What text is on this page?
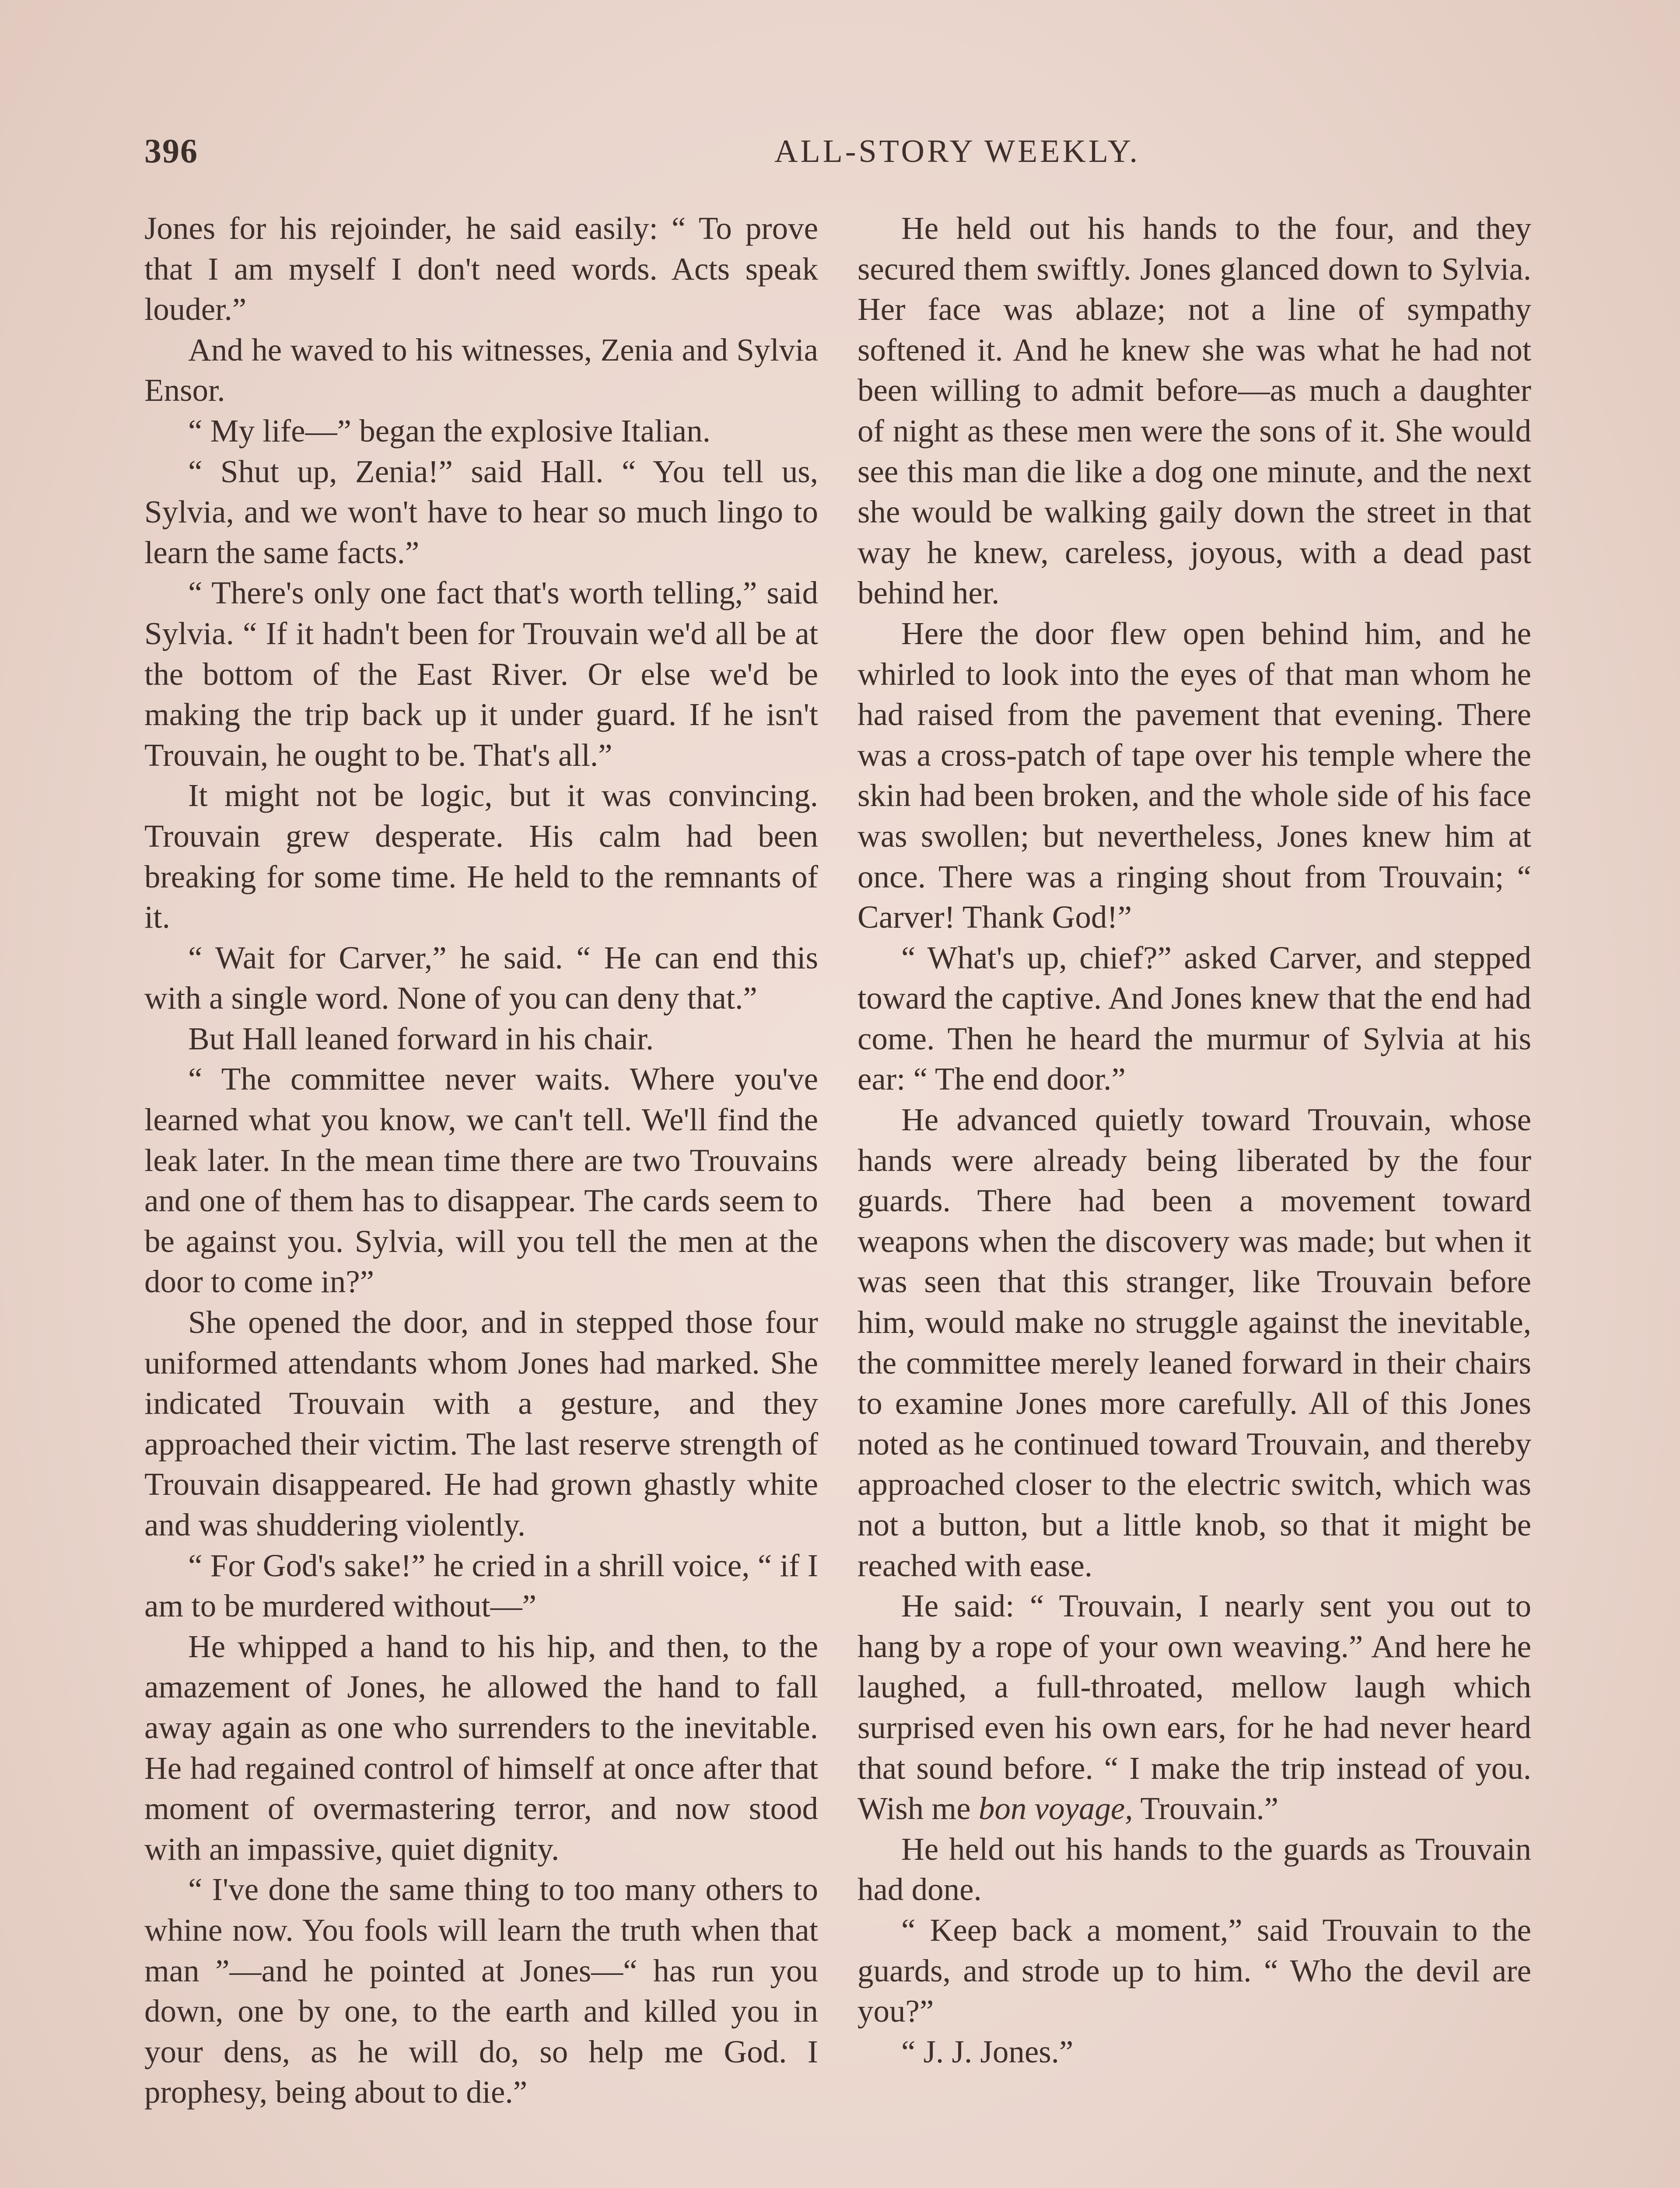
396	ALL-STORY WEEKLY.

Jones for his rejoinder, he said easily: “ To prove that I am myself I don't need words. Acts speak louder.”

And he waved to his witnesses, Zenia and Sylvia Ensor.

“ My life—” began the explosive Italian.

“ Shut up, Zenia!” said Hall. “ You tell us, Sylvia, and we won't have to hear so much lingo to learn the same facts.”

“ There's only one fact that's worth telling,” said Sylvia. “ If it hadn't been for Trouvain we'd all be at the bottom of the East River. Or else we'd be making the trip back up it under guard. If he isn't Trouvain, he ought to be. That's all.”

It might not be logic, but it was convincing. Trouvain grew desperate. His calm had been breaking for some time. He held to the remnants of it.

“ Wait for Carver,” he said. “ He can end this with a single word. None of you can deny that.”

But Hall leaned forward in his chair.

“ The committee never waits. Where you've learned what you know, we can't tell. We'll find the leak later. In the mean time there are two Trouvains and one of them has to disappear. The cards seem to be against you. Sylvia, will you tell the men at the door to come in?”

She opened the door, and in stepped those four uniformed attendants whom Jones had marked. She indicated Trouvain with a gesture, and they approached their victim. The last reserve strength of Trouvain disappeared. He had grown ghastly white and was shuddering violently.

“ For God's sake!” he cried in a shrill voice, “ if I am to be murdered without—”

He whipped a hand to his hip, and then, to the amazement of Jones, he allowed the hand to fall away again as one who surrenders to the inevitable. He had regained control of himself at once after that moment of overmastering terror, and now stood with an impassive, quiet dignity.

“ I've done the same thing to too many others to whine now. You fools will learn the truth when that man ”—and he pointed at Jones—“ has run you down, one by one, to the earth and killed you in your dens, as he will do, so help me God. I prophesy, being about to die.”

He held out his hands to the four, and they secured them swiftly. Jones glanced down to Sylvia. Her face was ablaze; not a line of sympathy softened it. And he knew she was what he had not been willing to admit before—as much a daughter of night as these men were the sons of it. She would see this man die like a dog one minute, and the next she would be walking gaily down the street in that way he knew, careless, joyous, with a dead past behind her.

Here the door flew open behind him, and he whirled to look into the eyes of that man whom he had raised from the pavement that evening. There was a cross-patch of tape over his temple where the skin had been broken, and the whole side of his face was swollen; but nevertheless, Jones knew him at once. There was a ringing shout from Trouvain; “ Carver! Thank God!”

“ What's up, chief?” asked Carver, and stepped toward the captive. And Jones knew that the end had come. Then he heard the murmur of Sylvia at his ear: “ The end door.”

He advanced quietly toward Trouvain, whose hands were already being liberated by the four guards. There had been a movement toward weapons when the discovery was made; but when it was seen that this stranger, like Trouvain before him, would make no struggle against the inevitable, the committee merely leaned forward in their chairs to examine Jones more carefully. All of this Jones noted as he continued toward Trouvain, and thereby approached closer to the electric switch, which was not a button, but a little knob, so that it might be reached with ease.

He said: “ Trouvain, I nearly sent you out to hang by a rope of your own weaving.” And here he laughed, a full-throated, mellow laugh which surprised even his own ears, for he had never heard that sound before. “ I make the trip instead of you. Wish me bon voyage, Trouvain.”

He held out his hands to the guards as Trouvain had done.

“ Keep back a moment,” said Trouvain to the guards, and strode up to him. “ Who the devil are you?”

“ J. J. Jones.”
